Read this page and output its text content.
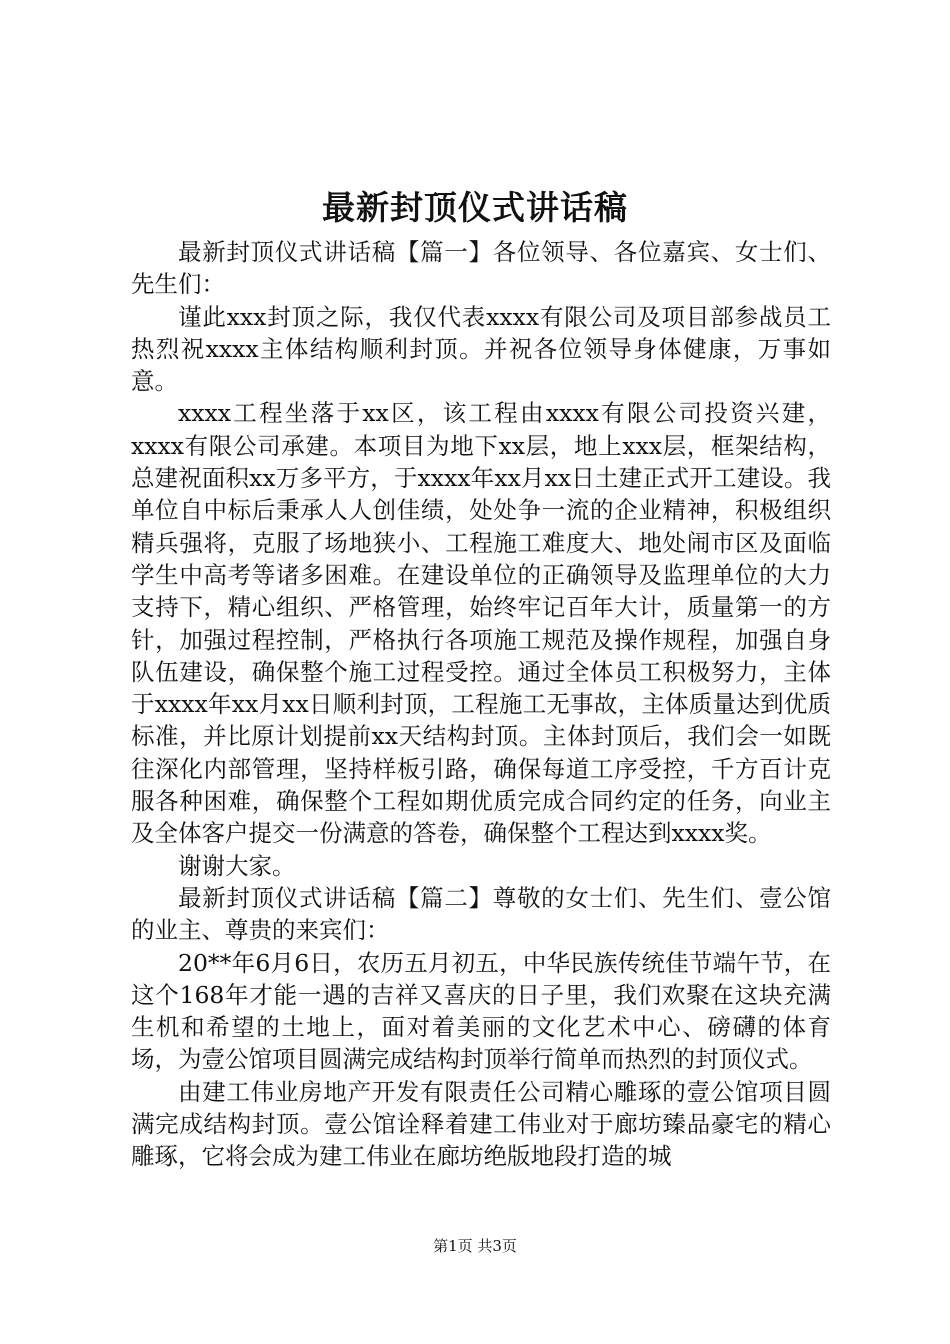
最新封顶仪式讲话稿

最新封顶仪式讲话稿【篇一】各位领导、各位嘉宾、女士们、先生们：

谨此xxx封顶之际，我仅代表xxxx有限公司及项目部参战员工热烈祝xxxx主体结构顺利封顶。并祝各位领导身体健康，万事如意。

xxxx工程坐落于xx区，该工程由xxxx有限公司投资兴建，xxxx有限公司承建。本项目为地下xx层，地上xxx层，框架结构，总建祝面积xx万多平方，于xxxx年xx月xx日土建正式开工建设。我单位自中标后秉承人人创佳绩，处处争一流的企业精神，积极组织精兵强将，克服了场地狭小、工程施工难度大、地处闹市区及面临学生中高考等诸多困难。在建设单位的正确领导及监理单位的大力支持下，精心组织、严格管理，始终牢记百年大计，质量第一的方针，加强过程控制，严格执行各项施工规范及操作规程，加强自身队伍建设，确保整个施工过程受控。通过全体员工积极努力，主体于xxxx年xx月xx日顺利封顶，工程施工无事故，主体质量达到优质标准，并比原计划提前xx天结构封顶。主体封顶后，我们会一如既往深化内部管理，坚持样板引路，确保每道工序受控，千方百计克服各种困难，确保整个工程如期优质完成合同约定的任务，向业主及全体客户提交一份满意的答卷，确保整个工程达到xxxx奖。

谢谢大家。

最新封顶仪式讲话稿【篇二】尊敬的女士们、先生们、壹公馆的业主、尊贵的来宾们：

20**年6月6日，农历五月初五，中华民族传统佳节端午节，在这个168年才能一遇的吉祥又喜庆的日子里，我们欢聚在这块充满生机和希望的土地上，面对着美丽的文化艺术中心、磅礴的体育场，为壹公馆项目圆满完成结构封顶举行简单而热烈的封顶仪式。

由建工伟业房地产开发有限责任公司精心雕琢的壹公馆项目圆满完成结构封顶。壹公馆诠释着建工伟业对于廊坊臻品豪宅的精心雕琢，它将会成为建工伟业在廊坊绝版地段打造的城

第1页 共3页
